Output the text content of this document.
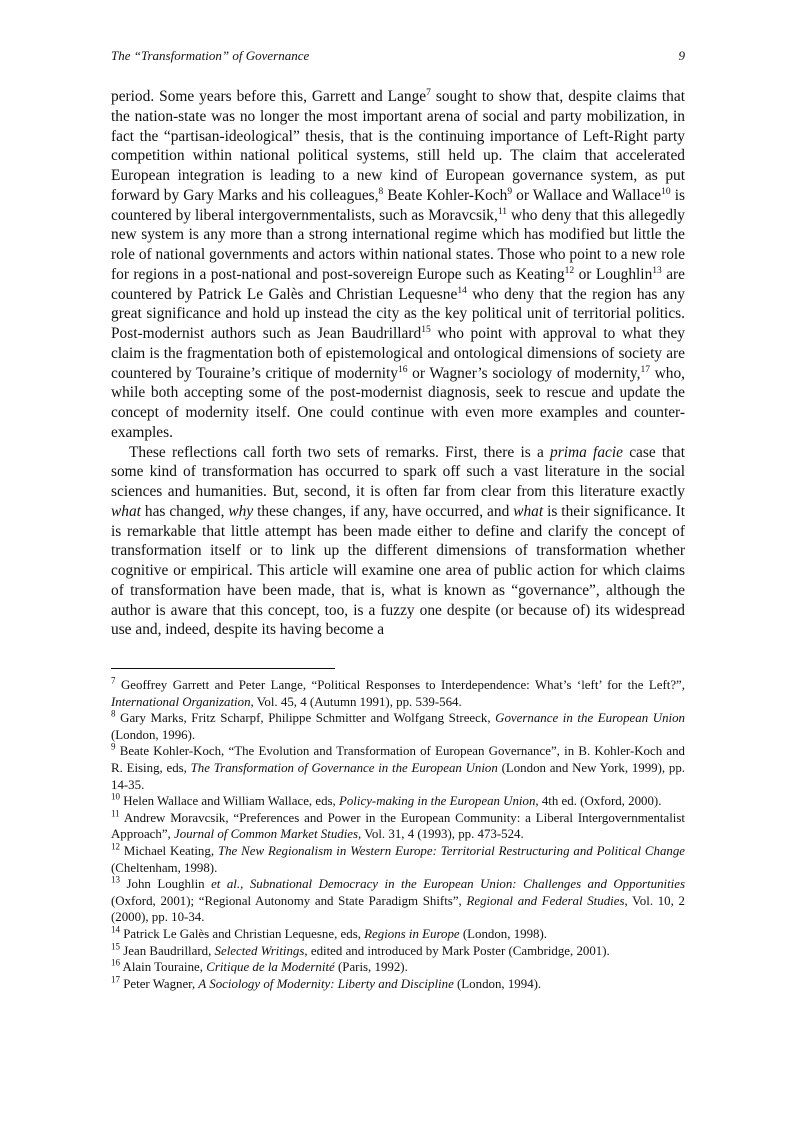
The “Transformation” of Governance	9

period. Some years before this, Garrett and Lange$^7$ sought to show that, despite claims that the nation-state was no longer the most important arena of social and party mobilization, in fact the “partisan-ideological” thesis, that is the continuing importance of Left-Right party competition within national political systems, still held up. The claim that accelerated European integration is leading to a new kind of European governance system, as put forward by Gary Marks and his colleagues,$^8$ Beate Kohler-Koch$^9$ or Wallace and Wallace$^{10}$ is countered by liberal intergovernmentalists, such as Moravcsik,$^{11}$ who deny that this allegedly new system is any more than a strong international regime which has modified but little the role of national governments and actors within national states. Those who point to a new role for regions in a post-national and post-sovereign Europe such as Keating$^{12}$ or Loughlin$^{13}$ are countered by Patrick Le Galès and Christian Lequesne$^{14}$ who deny that the region has any great significance and hold up instead the city as the key political unit of territorial politics. Post-modernist authors such as Jean Baudrillard$^{15}$ who point with approval to what they claim is the fragmentation both of epistemological and ontological dimensions of society are countered by Touraine’s critique of modernity$^{16}$ or Wagner’s sociology of modernity,$^{17}$ who, while both accepting some of the post-modernist diagnosis, seek to rescue and update the concept of modernity itself. One could continue with even more examples and counter-examples.

These reflections call forth two sets of remarks. First, there is a prima facie case that some kind of transformation has occurred to spark off such a vast literature in the social sciences and humanities. But, second, it is often far from clear from this literature exactly what has changed, why these changes, if any, have occurred, and what is their significance. It is remarkable that little attempt has been made either to define and clarify the concept of transformation itself or to link up the different dimensions of transformation whether cognitive or empirical. This article will examine one area of public action for which claims of transformation have been made, that is, what is known as “governance”, although the author is aware that this concept, too, is a fuzzy one despite (or because of) its widespread use and, indeed, despite its having become a

$^7$ Geoffrey Garrett and Peter Lange, “Political Responses to Interdependence: What’s ‘left’ for the Left?”, International Organization, Vol. 45, 4 (Autumn 1991), pp. 539-564.

$^8$ Gary Marks, Fritz Scharpf, Philippe Schmitter and Wolfgang Streeck, Governance in the European Union (London, 1996).

$^9$ Beate Kohler-Koch, “The Evolution and Transformation of European Governance”, in B. Kohler-Koch and R. Eising, eds, The Transformation of Governance in the European Union (London and New York, 1999), pp. 14-35.

$^{10}$ Helen Wallace and William Wallace, eds, Policy-making in the European Union, 4th ed. (Oxford, 2000).

$^{11}$ Andrew Moravcsik, “Preferences and Power in the European Community: a Liberal Intergovernmentalist Approach”, Journal of Common Market Studies, Vol. 31, 4 (1993), pp. 473-524.

$^{12}$ Michael Keating, The New Regionalism in Western Europe: Territorial Restructuring and Political Change (Cheltenham, 1998).

$^{13}$ John Loughlin et al., Subnational Democracy in the European Union: Challenges and Opportunities (Oxford, 2001); “Regional Autonomy and State Paradigm Shifts”, Regional and Federal Studies, Vol. 10, 2 (2000), pp. 10-34.

$^{14}$ Patrick Le Galès and Christian Lequesne, eds, Regions in Europe (London, 1998).

$^{15}$ Jean Baudrillard, Selected Writings, edited and introduced by Mark Poster (Cambridge, 2001).

$^{16}$ Alain Touraine, Critique de la Modernité (Paris, 1992).

$^{17}$ Peter Wagner, A Sociology of Modernity: Liberty and Discipline (London, 1994).
